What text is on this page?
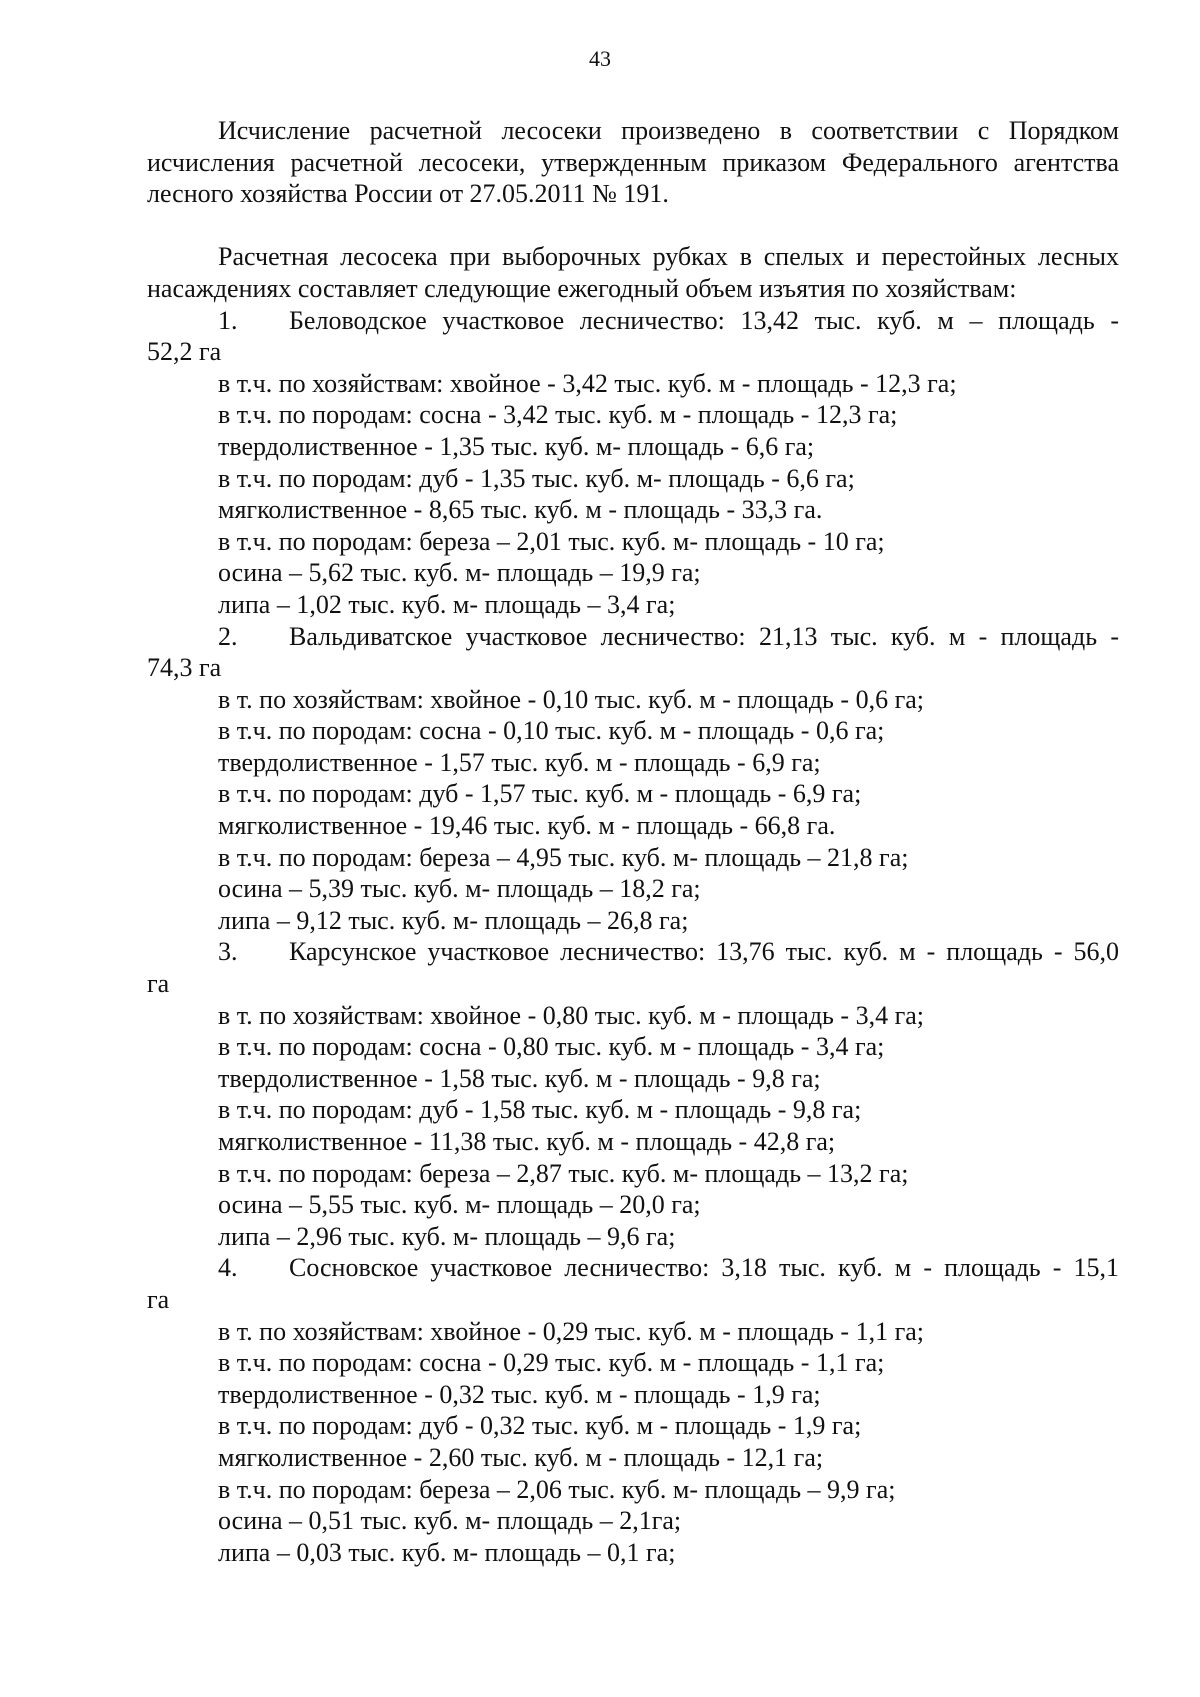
43

Исчисление расчетной лесосеки произведено в соответствии с Порядком исчисления расчетной лесосеки, утвержденным приказом Федерального агентства лесного хозяйства России от 27.05.2011 № 191.

Расчетная лесосека при выборочных рубках в спелых и перестойных лесных насаждениях составляет следующие ежегодный объем изъятия по хозяйствам:

1.	Беловодское участковое лесничество: 13,42 тыс. куб. м – площадь -
52,2 га

в т.ч. по хозяйствам: хвойное - 3,42 тыс. куб. м - площадь - 12,3 га;

в т.ч. по породам: сосна - 3,42 тыс. куб. м - площадь - 12,3 га;

твердолиственное - 1,35 тыс. куб. м- площадь - 6,6 га;

в т.ч. по породам: дуб - 1,35 тыс. куб. м- площадь - 6,6 га;

мягколиственное - 8,65 тыс. куб. м - площадь - 33,3 га.

в т.ч. по породам: береза – 2,01 тыс. куб. м- площадь - 10 га;

осина – 5,62 тыс. куб. м- площадь – 19,9 га;

липа – 1,02 тыс. куб. м- площадь – 3,4 га;

2.	Вальдиватское участковое лесничество: 21,13 тыс. куб. м - площадь -
74,3 га

в т. по хозяйствам: хвойное - 0,10 тыс. куб. м - площадь - 0,6 га;

в т.ч. по породам: сосна - 0,10 тыс. куб. м - площадь - 0,6 га;

твердолиственное - 1,57 тыс. куб. м - площадь - 6,9 га;

в т.ч. по породам: дуб - 1,57 тыс. куб. м - площадь - 6,9 га;

мягколиственное - 19,46 тыс. куб. м - площадь - 66,8 га.

в т.ч. по породам: береза – 4,95 тыс. куб. м- площадь – 21,8 га;

осина – 5,39 тыс. куб. м- площадь – 18,2 га;

липа – 9,12 тыс. куб. м- площадь – 26,8 га;

3.	Карсунское участковое лесничество: 13,76 тыс. куб. м - площадь - 56,0
га

в т. по хозяйствам: хвойное - 0,80 тыс. куб. м - площадь - 3,4 га;

в т.ч. по породам: сосна - 0,80 тыс. куб. м - площадь - 3,4 га;

твердолиственное - 1,58 тыс. куб. м - площадь - 9,8 га;

в т.ч. по породам: дуб - 1,58 тыс. куб. м - площадь - 9,8 га;

мягколиственное - 11,38 тыс. куб. м - площадь - 42,8 га;

в т.ч. по породам: береза – 2,87 тыс. куб. м- площадь – 13,2 га;

осина – 5,55 тыс. куб. м- площадь – 20,0 га;

липа – 2,96 тыс. куб. м- площадь – 9,6 га;

4.	Сосновское участковое лесничество: 3,18 тыс. куб. м - площадь - 15,1
га

в т. по хозяйствам: хвойное - 0,29 тыс. куб. м - площадь - 1,1 га;

в т.ч. по породам: сосна - 0,29 тыс. куб. м - площадь - 1,1 га;

твердолиственное - 0,32 тыс. куб. м - площадь - 1,9 га;

в т.ч. по породам: дуб - 0,32 тыс. куб. м - площадь - 1,9 га;

мягколиственное - 2,60 тыс. куб. м - площадь - 12,1 га;

в т.ч. по породам: береза – 2,06 тыс. куб. м- площадь – 9,9 га;

осина – 0,51 тыс. куб. м- площадь – 2,1га;

липа – 0,03 тыс. куб. м- площадь – 0,1 га;
